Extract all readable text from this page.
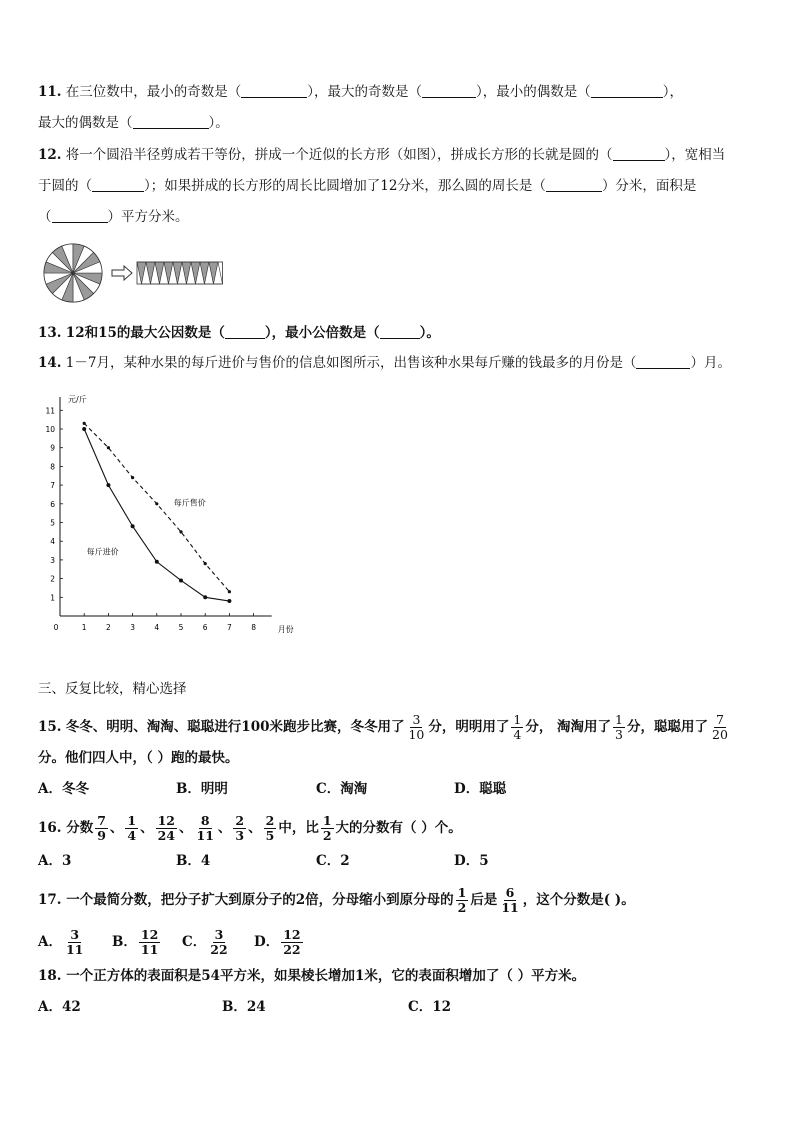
11. 在三位数中，最小的奇数是（	），最大的奇数是（	），最小的偶数是（	），
最大的偶数是（	）。
12. 将一个圆沿半径剪成若干等份，拼成一个近似的长方形（如图），拼成长方形的长就是圆的（	），宽相当
于圆的（	）；如果拼成的长方形的周长比圆增加了12分米，那么圆的周长是（	）分米，面积是
（	）平方分米。
13. 12和15的最大公因数是（	），最小公倍数是（	）。
14. 1－7月，某种水果的每斤进价与售价的信息如图所示，出售该种水果每斤赚的钱最多的月份是（	）月。
0	1	2	3	4	5	6	7	8
1
2
3
4
5
6
7
8
9
10
11
元/斤
月份
每斤售价
每斤进价
三、反复比较，精心选择
15. 冬冬、明明、淘淘、聪聪进行100米跑步比赛，冬冬用了 $\frac{3}{10}$ 分，明明用了 $\frac{1}{4}$ 分， 淘淘用了 $\frac{1}{3}$ 分，聪聪用了 $\frac{7}{20}$
分。他们四人中，（ ）跑的最快。
A．冬冬	B．明明	C．淘淘	D．聪聪
16. 分数 $\frac{7}{9}$ 、 $\frac{1}{4}$ 、 $\frac{12}{24}$ 、 $\frac{8}{11}$ 、 $\frac{2}{3}$ 、 $\frac{2}{5}$ 中，比 $\frac{1}{2}$ 大的分数有（ ）个。
A．3	B．4	C．2	D．5
17. 一个最简分数，把分子扩大到原分子的2倍，分母缩小到原分母的 $\frac{1}{2}$ 后是 $\frac{6}{11}$ ，这个分数是( )。
A． $\frac{3}{11}$ B． $\frac{12}{11}$ C． $\frac{3}{22}$ D． $\frac{12}{22}$
18. 一个正方体的表面积是54平方米，如果棱长增加1米，它的表面积增加了（ ）平方米。
A．42	B．24	C．12
